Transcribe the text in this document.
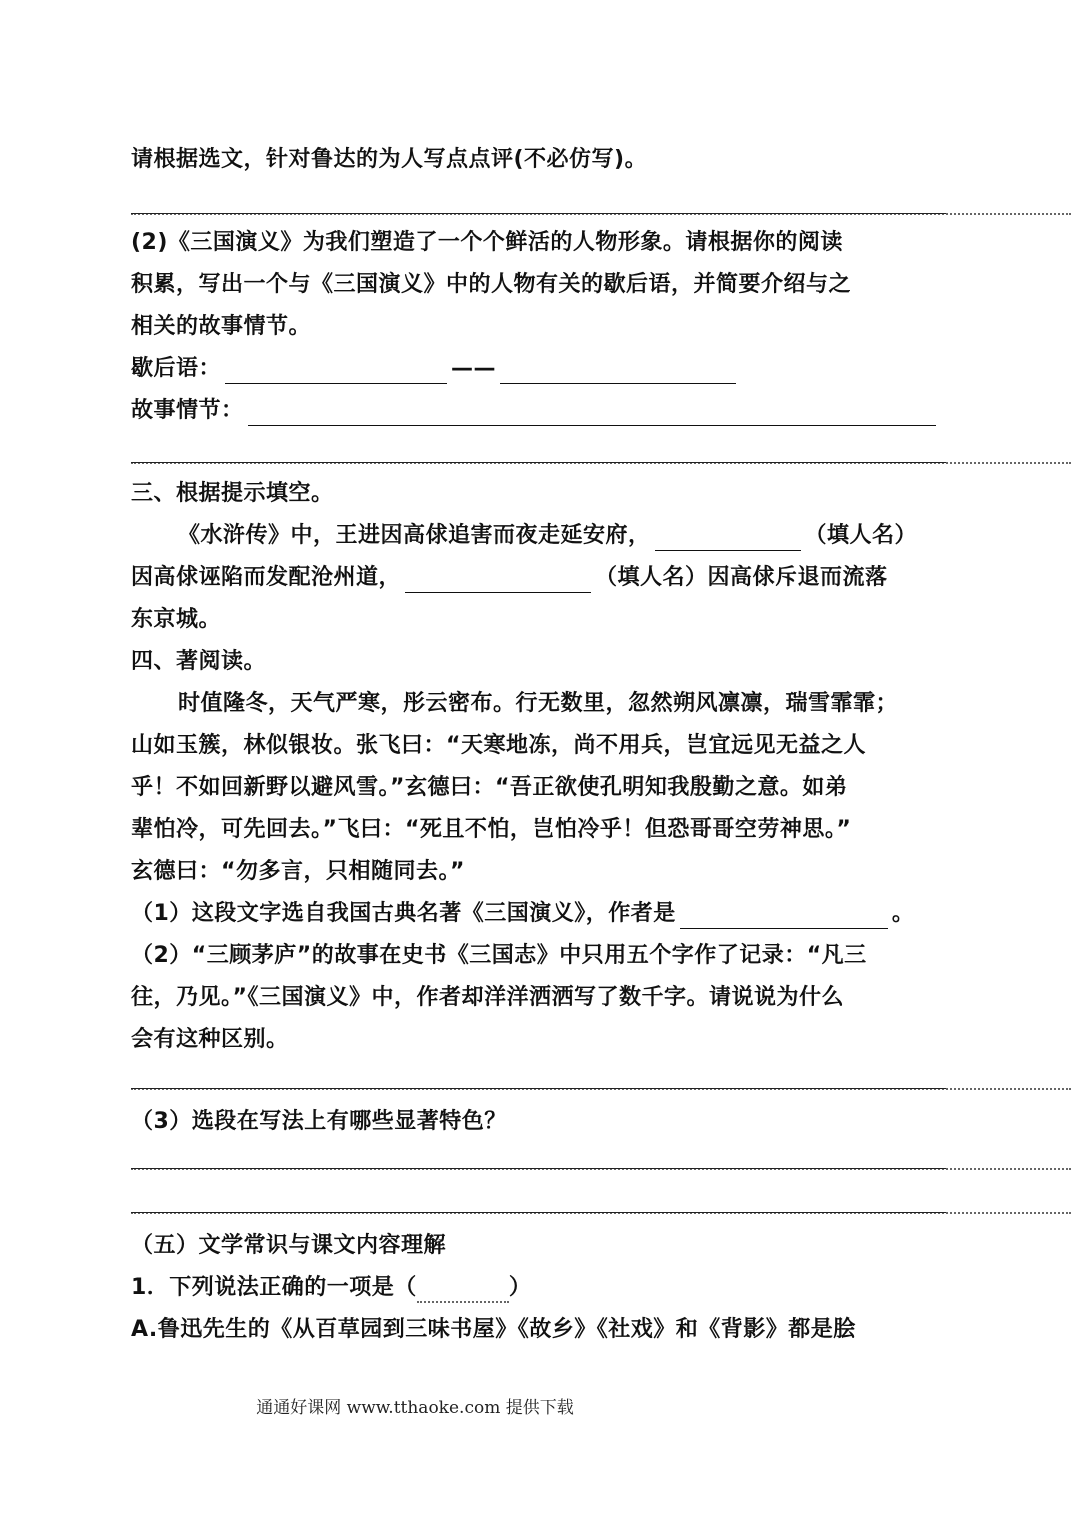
请根据选文，针对鲁达的为人写点点评(不必仿写)。
(2)《三国演义》为我们塑造了一个个鲜活的人物形象。请根据你的阅读
积累，写出一个与《三国演义》中的人物有关的歇后语，并简要介绍与之
相关的故事情节。
歇后语：	——
故事情节：
三、根据提示填空。
《水浒传》中，王进因高俅追害而夜走延安府，	（填人名）
因高俅诬陷而发配沧州道，	（填人名）因高俅斥退而流落
东京城。
四、著阅读。
时值隆冬，天气严寒，彤云密布。行无数里，忽然朔风凛凛，瑞雪霏霏；
山如玉簇，林似银妆。张飞曰：“天寒地冻，尚不用兵，岂宜远见无益之人
乎！不如回新野以避风雪。”玄德曰：“吾正欲使孔明知我殷勤之意。如弟
辈怕冷，可先回去。”飞曰：“死且不怕，岂怕冷乎！但恐哥哥空劳神思。”
玄德曰：“勿多言，只相随同去。”
（1）这段文字选自我国古典名著《三国演义》，作者是	。
（2）“三顾茅庐”的故事在史书《三国志》中只用五个字作了记录：“凡三
往，乃见。”《三国演义》中，作者却洋洋洒洒写了数千字。请说说为什么
会有这种区别。
（3）选段在写法上有哪些显著特色？
（五）文学常识与课文内容理解
1．下列说法正确的一项是（	）
A.鲁迅先生的《从百草园到三味书屋》《故乡》《社戏》和《背影》都是脍
通通好课网 www.tthaoke.com 提供下载
